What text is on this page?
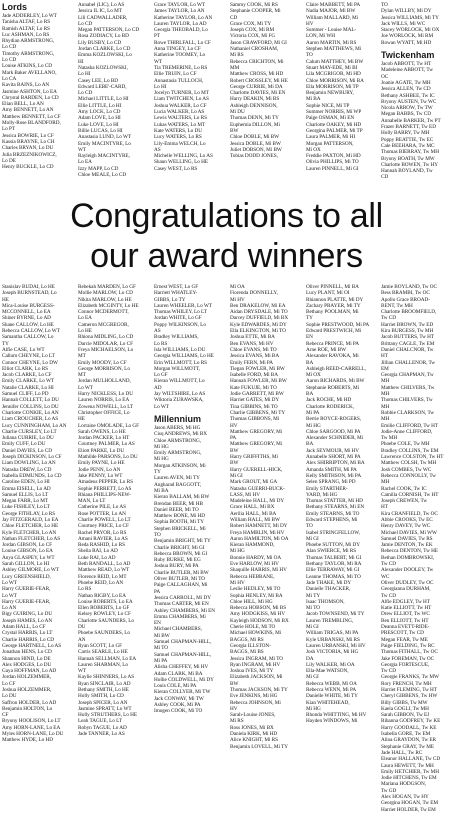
Lords
Jade ADDERLEY, Lo WT
Tanisha ALTAF, Lo RS
Ramish ALTAF, Lo RS
Luc ASHMAN, Lo RS
Rhydian ARMSTRONG,
Lo CD
Timothy ARMSTRONG,
Lo CD
Louise ATKINS, Lo CD
Mark Baker AVELLANO,
Lo CA
Kavita BAINS, Lo AN
Jasmine ASHTON, Lo EA
Chrystal BARDEN, Lo CD
Elian BELL, Lo AN
Amy BENNETT, Lo AN
Matthew BENNETT, Lo CF
Molly-Rose BLANDFORD,
Lo PT
Jessica BOWRIE, Lo CF
Kassia BRAYNE, Lo CH
Charles BRYAN, Lo DU
Julia BRZEZNIKOWICZ,
Lo DE
Henry BUCKLE, Lo CD
Annabel (LIC), Lo AS
Jessica IL IC, Lo MT
Lili CADWALLADER,
Lo CD
Megan PATTERSON, Lo CD
Rosa ZODIACY, Lo BD
Lily BUSBY, Lo CD
Jordan CLARKE, Lo CD
Emma KOZLOWSKI, Lo
HI
Natasha KOZLOWSKI,
Lo HI
Casey LEE, Lo BD
Edward LEBE'-CARD,
Lo CD
Michael LITTLE, Lo HI
Ellie LITTLE, Lo HI
Amy LOCK, Lo CD
Adam LOVE, Lo HI
Luke LOVE, Lo HI
Billie LUCAS, Lo HI
Anastasia LUND, Lo WT
Emily MACINTYRE, Lo
WT
Rayleigh MACINTYRE,
Lo EA
Izzy MAPP, Lo CD
Chloe MEALE, Lo CD
Grace TAYLOR, Lo WT
James TAYLOR, Lo AN
Katherine TAYLOR, Lo AN
Lauren TAYLOR, Lo AD
Georgia THEOBALD, Lo
PT
Rowe THIRLFALL, Lo CF
Anna TINGEY, Lo CF
Katherine TOOMEY, Lo
WT
Tia TREMERINE, Lo RS
Ellie TRUIN, Lo CF
Annastasia TULLOCH,
Lo HI
Jocelyn TURNER, Lo MT
Liam TWITCHEN, Lo AS
Joshua WALKER, Lo CF
Lucia WALKER, Lo AS
Lewis WALTERS, Lo RS
Lukas WATERS, Lo MT
Kate WATERS, Lo DU
Lucy WATERS, Lo RS
Lily-Emma WELCH, Lo
AS
Michelle WELLING, Lo AS
Shaun WELLING, Lo HE
Casey WEST, Lo RS
Sammy COOK, Mi RS
Stephanie COOPER, Mi
CD
Grace COX, Mi TY
Joseph COX, Mi RM
Victoria COX, Mi FG
Jason CRAWFORD, Mi GI
Nathaniel CROSHAM,
Mi RS
Rebecca CRICHTON, Mi
MM
Matthew CROSS, Mi HD
Robert CROSSLEY, Mi HE
George CURRIE, Mi DA
Charlotte DAVIES, Mi EN
Harry DEAKIN, Mi BS
Ashleigh DENNISON,
Mi DU
Thomas DENN, Mi TY
Euphemia DILLON, Mi
BW
Chloe DOBLE, Mi BW
Jessica DOBLE, Mi BW
Juliet DOBSON, Mi BW
Tobias DODD JONES,
Claire MABBETT, Mi PA
Nadia MAJOR, Mi BW
William MALLARD, Mi
HV
Summer - Louise MAL-
LON, Mi WH
Aaron MARTIN, Mi RS
Stephen MATTHEWS, Mi
TO
Calum MATTHEY, Mi BW
Stuart MAY-EDE, Mi BI
Lila MCGRIGOR, Mi HD
Chloe MORRISON, Mi BA
Ella MORRISON, Mi TP
Benjamin NEWBURY,
Mi BA
Sophie NICE, Mi TP
Summer NORRIS, Mi WP
Paige OSMAN, Mi EN
Charlotte OAKEY, Mi HD
Georgina PALMER, Mi TP
Laura PALMER, Mi HI
Morgan PATTERSON,
Mi OX
Freddie PAXTON, Mi HD
Olivia PHILLIPS, Mi TO
Lauren PINNELL, Mi GI
TO
Dylan WILLBY, Mi DY
Jessica WILLIAMS, Mi TY
Jack WILLS, Mi WC
Stacey WORLOCK, Mi OX
Joe WORLOCK, Mi RM
Rowan WYATT, Mi HD
Twickenham
Jacob ABBOTT, Tw HT
Madeleine ABBOTT, Tw
OC
Joanie AGATE, Tw MH
Jessica ALLEN, Tw CD
Bethany ASHBEE, Tw IC
Bryony AUSTEN, Tw WC
Nicola ARROW, Tw TW
Megan BABBS, Tw CD
Annabelle BARKER, Tw PT
Frazer BARNETT, Tw ED
Holly BARRY, Tw MH
Poppy BEATTIE, Tw EC
Cale BEEHARA, Tw MC
Thomas BIERRAY, Tw MH
Bryony BOATH, Tw MW
Charlotte BOWEN, Tw HY
Hannah BOYLAND, Tw
CD
Congratulations to all
our award winners
Stanislav BUDAI, Lo HE
Joseph BURNSTEAD, Lo
HE
Mica-Louise BURGESS-
MCCONNELL, Lo EA
Shiner BYRNE, Lo AD
Shane CALLOW, Lo HE
Rebecca CALLOW, Lo WT
Samantha CALLOW, Lo
TY
Alfie CASE, Lo WT
Callum CHEYNE, Lo LT
Connor CHEYNE, Lo DW
Elliot CLARK, Lo RS
Jacob CLARKE, Lo CF
Emily CLARKE, Lo WT
Natalie CLARKE, Lo HI
Samuel CLIFF, Lo PD
Hannah COLLETT, Lo DU
Jennifer COLLINS, Lo DU
Charlotte CONKIE, Lo AN
Liam CROUCHER, Lo AS
Lucy CUNNINGHAM, Lo AN
Charlie CURSLEY, Lo LT
Juliana CURRIE, Lo DU
Emily CUFF, Lo DU
Daniel DAVIES, Lo CD
Joseph DICKINSON, Lo CF
Liam DOWLING, Lo AN
Natasha DREW, Lo CD
Isabella EDMUNDS, Lo CD
Caroline EDEN, Lo HI
Emma EISELL, Lo AD
Samuel ELLIS, Lo LT
Megan FARR, Lo MT
Luke FISHLEY, Lo LT
George FITHLAY, Lo RS
Jay FITZGERALD, Lo EA
Chloe FLETCHER, Lo HE
Kyle FLETCHER, Lo AN
Nathan FLETCHER, Lo AS
Jordan GIBSON, Lo CF
Louise GIBSON, Lo EA
Anya GLASPEY, Lo WT
Sarah GILLON, Lo HI
Ashley GILMORE, Lo WT
Lucy GREENSHIELD,
Lo WT
Harry GUERIE-FEAR,
Lo WT
Harry GUERIE-FEAR,
Lo AN
Bigy GUIRING, Lo DU
Joseph HAMES, Lo AN
Adam HALL, Lo CF
Crystal HARRIS, Lo LT
Charlie HARRIS, Lo CD
George HARTNELL, Lo AS
Jonathan HENS, Lo CD
Shannon HIND, Lo DE
Alex HODGES, Lo DU
Gaya HOFFMAN, Lo AD
Jordan HOLZEMMER,
Lo CF
Joshua HOLZEMMER,
Lo DU
Saffron HOLDER, Lo AD
Benjamin HOLTON, Lo
CF
Bryony HOOLISON, Lo LT
Amy HORN-LANE, Lo EA
Myles HORN-LANE, Lo DU
Matthew HYDE, Lo HD
Rebekah MARDEN, Lo GF
Mollie MARLOW, Lo CD
Nikita MARLOW, Lo HE
Elizabeth MCGINTY, Lo HE
Connor MCDERMOTT,
Lo EA
Cameron MCGREGOR,
Lo HE
Rhiona MIDLING, Lo CD
Darcie MIDOLAR, Lo CF
Freya MICHAELSON, Lo
MT
Emily MOODY, Lo CF
George MORRISON, Lo
MT
Jordan MULHOLLAND,
Lo WT
Harry NICKLESS, Lo DU
Lauren NORRIS, Lo EA
Zowena NOWELL, Lo LT
Christopher OFFICE, Lo
HE
Lorraine OMOLADE, Lo GF
Sarah OWENS, Lo HE
Jordan PACKER, Lo HT
Courtney PALMER, Lo AS
Eliott PARKE, Lo DU
Mathilde PARSONS, Lo DU
Emily PAYNE, Lo HE
Jodie PENN, Lo AN
Jake PENNY, Lo WT
Amadeus PEPPER, Lo RS
Sophie PERRETT, Lo AS
Rhiana PHILLIPS-NEW-
MAN, Lo LT
Catherine PILE, Lo AS
Rose POTTER, Lo AN
Charlie POWELL, Lo LT
Courtney PRICE, Lo CF
Rachel PRYOR, Lo RS
Amani RAVIER, Lo AS
Reda RASHID, Lo RS
Sheila RAI, Lo AD
Luke RAI, Lo AD
Beth RANDALL, Lo AD
Matthew READ, Lo WT
Florence REID, Lo MT
Phoebe REID, Lo AN
Lo RS
Nathan RIGBY, Lo EA
Louise ROBERTS, Lo EA
Ellen ROBERTS, Lo GF
Kelsey ROWLEY, Lo CF
Charlotte SAUNDERS, Lo
DU
Phoebe SAUNDERS, Lo
AN
Ryan SCOTT, Lo GF
Carris SEARLE, Lo HE
Hannah SELLMAN, Lo EA
Lauren SHARMAN, Lo
WT
Kaylie SHINNERS, Lo AS
Ryan SINCLAIR, Lo AD
Bethany SMITH, Lo HE
Holly SMITH, Lo CD
Joseph SPICER, Lo AN
Jasmine SPRATT, Lo WT
Holly STRUTHERS, Lo HE
Leah TAGUE, Lo LT
Robyn TAGUE, Lo AD
Jade TANNER, Lo AS
Ernest WEST, Lo GF
Harriett WHATLEY-
GIBBS, Lo TY
Lauren WHEELER, Lo WT
Thomas WHILEY, Lo LT
Jordan WHITE, Lo GF
Poppy WILKINSON, Lo
AS
Bradley WILLIAMS,
Lo RS
Isla WILLIAMS, Lo DU
Georgia WILLIAMS, Lo HE
Erin WILLMOTT, Lo RS
Morgan WILLMOTT,
Lo GF
Kieran WILLMOTT, Lo
AD
Jay WILTSHIRE, Lo AS
Wiktoria ZURAWSKA,
Lo WT
Millennium
Jason ABERS, Mi HG
Cisq ANDREWS, Mi BX
Chloe ARMSTRONG,
Mi HG
Emily ARMSTRONG,
Mi HG
Morgan ATKINSON, Mi
TY
Lauren AVEN, Mi TY
Angharad BAGGOTT,
Mi BA
Kieran BALLAM, Mi BW
Brendan BEER, Mi HB
Daniel BEER, Mi TO
Matthew BONE, Mi HD
Sophia BOOTH, Mi TY
Stephen BRICKELL, Mi
TO
Benjamin BRIGHT, Mi TY
Charlie BRIGHT, Mi GI
Rebecca BROWN, Mi GI
Ruby BURKE, Mi EG
Joshua BURY, Mi PA
Charlie BUTLER, Mi BW
Oliver BUTLER, Mi TO
Paige CALLAGHAN, Mi
PA
Jessica CARROLL, Mi DY
Thomas CARTER, Mi EN
Ashley CHAMBERS, Mi EN
Emma CHAMBERS, Mi
EN
Michael CHAMBERS,
Mi BW
Samuel CHAPMAN-HILL,
Mi TO
Samuel CHAPMAN-HILL,
Mi PA
Alisha CHEFFEY, Mi HV
Adam CLARK, Mi BA
Hollie COLDWELL, Mi DY
Louis COLE, Mi PA
Kieran COLLYER, Mi TW
Jack CONWAY, Mi TW
Ashley COOK, Mi PA
Imogen COOK, Mi TO
Mi OA
Fiorenda DONNELLY,
Mi HV
Ben DRAKELOW, Mi EA
Aidan DRYSDALE, Mi TO
Darcey DUFFIELD, Mi BX
Kyle EDWARDES, Mi DY
Ella ELKINGTON, Mi TO
Joshua ETTE, Mi BA
Ben EVANS, Mi HV
Chloe EVANS, Mi TO
Jessica EVANS, Mi BA
Emily FERN, Mi PA
Tiegan FOWLER, Mi BW
Isabelle FORD, Mi BA
Hannah FOWLER, Mi BW
Kate FUKUJE, Mi TO
Jodie GARRETT, Mi BW
Harriet GATES, Mi DY
Tina GIBBINS, Mi TO
Charlie GIBBENS, Mi TY
Thomas GIBBONS, Mi
HV
Matthew GREGORY, Mi
PA
Matthew GREGORY, Mi
BW
Harry GRIFFITHS, Mi
BW
Harry GUERELL-HICK,
Mi GI
Mark GROUT, Mi GA
Natasha GUERRI-BUCK-
LASS, Mi HV
Madeleine HALL, Mi DY
Grace HALL, Mi BX
Aerilia HALL, Mi BA
William HALL, Mi BW
Robert HAMNETT, Mi DY
Freya HAMBLIN, Mi HV
Aaron HAMILTON, Mi OA
Kieran HAMMOND,
Mi HG
Bonnie HARDY, Mi OA
Eve HARLOW, Mi HV
Shaquille HARRIS, Mi HV
Rebecca HEBRANE,
Mi HV
Leslie HEDLEY, Mi TO
Sophia HENLEY, Mi BA
Chloe HILL, Mi HG
Rebecca HOBSON, Mi BS
Amy HODGKISS, Mi HV
Kayleigh HODSON, Mi BX
Cherie HOLE, Mi TO
Michael HOWKINS, Mi
BAGGS, Mi RS
Georgia ILLSTON-
BAGGS, Mi BS
Jessica INGRAM, Mi TO
Ryan INGRAM, Mi HV
Joshua IVES, Mi TY
Elizabeth JACKSON, Mi
BW
Thomas JACKSON, Mi TY
Eve JENKINS, Mi HG
Rebecca JOHNSON, Mi
HV
Sarah-Louise JONES,
Mi RS
Ross JONES, Mi BX
Daniela KIRK, Mi HD
Alice KNIGHT, Mi RS
Benjamin LOVELL, Mi TY
Oliver PINNELL, Mi BA
Lucy PLANT, Mi OI
Rhiannon PLATTE, Mi DY
Zachary PRAYER, Mi TY
Bethany POOLMAN, Mi
TY
Sophie PRESTWOOD, Mi PA
Edward PRESTWICH, Mi
EN
Rebecca PRINCE, Mi PA
Arne ROE, Mi BW
Alexander RAVOKA, Mi
BA
Ashleigh REED-CARRELL,
Mi OX
Aaron RICHARDS, Mi BW
Stephanie ROBERTS, Mi
BA
Jack ROCHE, Mi HD
Charlotte RODERICK,
Mi PA
Berrie ROYCE-ROGERS,
Mi HG
Chloe SARGOOD, Mi PA
Alexander SCHNIDER, Mi
BA
Jack SEYMOUR, Mi HV
Annabelle SHORT, Mi PA
Alex SHIRRIPTON, Mi BA
Amanda SMITH, Mi PA
Kelly SMITHSON, Mi PA
Selen SPRANG, Mi PD
Emily STARTHER-
YARD, Mi HG
Thomas STATTER, Mi HD
Bethany STEARNS, Mi EN
Emily STEARNS, Mi TO
Edward STEPHENS, Mi
TO
Isabel STRINGFELLOW,
Mi GI
Phoebe SUTTON, Mi DY
Alan SWIERCE, Mi RS
Thomas TALBERT, Mi GI
Bethany TAYLOR, Mi RA
Ellie TERRAWAY, Mi GI
Leanne THOMAS, Mi TO
Jade THAKE, Mi DY
Danielle THACKER,
Mi TY
Isaac THOMSON,
Mi TO
Jacob TOWNSEND, Mi TY
Lauren TREMBLING,
Mi GI
William TRIGAS, Mi PA
Kyle URBANSKI, Mi RS
Lauren URBANSKI, Mi HV
Josh VICTORIA, Mi HG
DA
Lily WALKER, Mi OA
Ella-Mae WATSON,
Mi GI
Rebecca WEBB, Mi OA
Rebecca WENN, Mi PA
Danielle WHITE, Mi TY
Kian WHITEHEAD,
Mi HG
Rhonda WHITTING, Mi HV
Hayden WINDOWS, Mi
Jamie BOYLAND, Tw OC
Bess BRAMBI, Tw OC
Apollo Grace BROAD-
BENT, Tw MH
Charlotte BROOMFIELD,
Tw CD
Harriet BROWN, Tw ED
Kira BURGESS, Tw MH
Jacob BUTTERS, Tw HT
Brittany CAGLE, Tw EM
Daniel CHALCNOR, Tw
HT
Jillian CHALLENOR, Tw
EM
Georgia CHAPMAN, Tw
MH
Matthew CHILVERS, Tw
MH
Thomas CHILVERS, Tw
MH
Robbie CLARKSON, Tw
MH
Emilie CLIFFORD, Tw HT
Jodie-Anne CLIFFORD,
Tw MH
Phoebe COLE, Tw MH
Bradley COLLINS, Tw EM
Lawrence COLSTON, Tw HT
Matthew COLSH, Tw MH
Josh COMBES, Tw WC
Rebecca CONNOLLY, Tw
MH
Rachel COOK, Tw IC
Camilla CORNISH, Tw HT
Joseph CREWEN, Tw
HT
Kira CRANFIELD, Tw OC
Abbie CROOKS, Tw EC
Henry DAVEY, Tw WC
Michael DAVIES, Mi WW
Samuel DAVIES, Tw RS
Jamie DENTON, Tw EK
Rebecca DENTON, Tw HE
Bethan DOMBROWSKI,
Tw CD
Alexander DOOLEY, Tw
WC
Oliver DUDLEY, Tw OC
Georgianna DURHAM,
Tw CD
Alfie EDGLEY, Tw HT
Katie ELLIOTT, Tw HT
Drew ELLIOT, Tw WC
Ben ELLIOTT, Tw HT
Deanna EVETT-RIDE-
PRESCOTT, Tw CD
Megan FEAR, Tw ME
Paige FIELDING, Tw RC
Thomas FITHALL, Tw OC
Jake FOREMAN, Tw OC
Georgia FORTESCUE,
Tw CD
Georgie FRANKS, Tw MW
Rory FRENCH, Tw MH
Harriet FLEMING, Tw HT
Cheryl GIBBENS, Tw HW
Billy GIBBS, Tw MW
Kaela GOGLI, Tw MH
Sarah GIBBON, Tw EJ
Rihanna GODFREY, Tw KE
Harry GOODALL, Tw KE
Isabella GORE, Tw EM
Alina GRAYDON, Tw ER
Stephanie GRAY, Tw ME
Jade HALL, Tw RC
Eleanor HALLANE, Tw CD
Laura HEWETT, Tw MH
Emily HETCHIER, Tw MH
Jodie HITCHENS, Tw EM
Mariana HODGSON,
Tw GD
Alex HOGAN, Tw HY
Georgina HOGAN, Tw EM
Harriet HOLDER, Tw EM
